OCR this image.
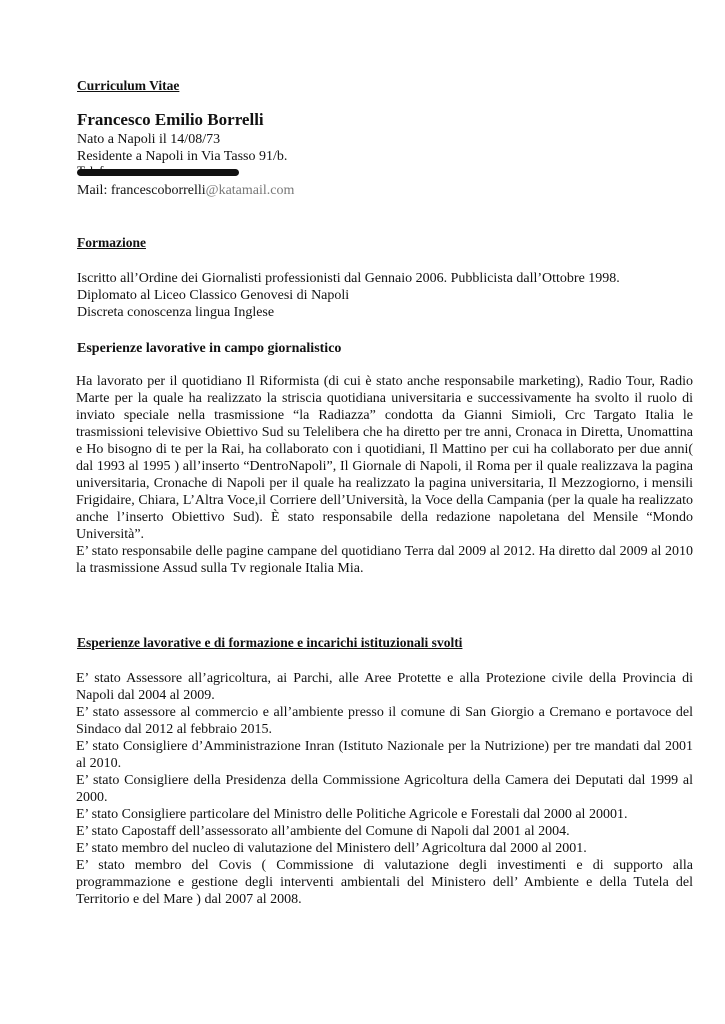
Curriculum Vitae
Francesco Emilio Borrelli
Nato a Napoli il 14/08/73
Residente a Napoli in Via Tasso 91/b.
Mail: francescoborrelli@katamail.com
Formazione
Iscritto all’Ordine dei Giornalisti professionisti dal Gennaio 2006. Pubblicista dall’Ottobre 1998.
Diplomato al Liceo Classico Genovesi di Napoli
Discreta conoscenza lingua Inglese
Esperienze lavorative in campo giornalistico
Ha lavorato per il quotidiano Il Riformista (di cui è stato anche responsabile marketing), Radio Tour, Radio Marte per la quale ha realizzato la striscia quotidiana universitaria e successivamente ha svolto il ruolo di inviato speciale nella trasmissione “la Radiazza” condotta da Gianni Simioli, Crc Targato Italia le trasmissioni televisive Obiettivo Sud su Telelibera che ha diretto per tre anni, Cronaca in Diretta, Unomattina e Ho bisogno di te per la Rai, ha collaborato con i quotidiani, Il Mattino per cui ha collaborato per due anni( dal 1993 al 1995 ) all’inserto “DentroNapoli”, Il Giornale di Napoli, il Roma per il quale realizzava la pagina universitaria, Cronache di Napoli per il quale ha realizzato la pagina universitaria, Il Mezzogiorno, i mensili Frigidaire, Chiara, L’Altra Voce,il Corriere dell’Università, la Voce della Campania (per la quale ha realizzato anche l’inserto Obiettivo Sud). È stato responsabile della redazione napoletana del Mensile “Mondo Università”.
E’ stato responsabile delle pagine campane del quotidiano Terra dal 2009 al 2012. Ha diretto dal 2009 al 2010 la trasmissione Assud sulla Tv regionale Italia Mia.
Esperienze lavorative e di formazione e incarichi istituzionali svolti
E’ stato Assessore all’agricoltura, ai Parchi, alle Aree Protette e alla Protezione civile della Provincia di Napoli dal 2004 al 2009.
E’ stato assessore al commercio e all’ambiente presso il comune di San Giorgio a Cremano e portavoce del Sindaco dal 2012 al febbraio 2015.
E’ stato Consigliere d’Amministrazione Inran (Istituto Nazionale per la Nutrizione) per tre mandati dal 2001 al 2010.
E’ stato Consigliere della Presidenza della Commissione Agricoltura della Camera dei Deputati dal 1999 al 2000.
E’ stato Consigliere particolare del Ministro delle Politiche Agricole e Forestali dal 2000 al 20001.
E’ stato Capostaff dell’assessorato all’ambiente del Comune di Napoli dal 2001 al 2004.
E’ stato membro del nucleo di valutazione del Ministero dell’ Agricoltura dal 2000 al 2001.
E’ stato membro del Covis ( Commissione di valutazione degli investimenti e di supporto alla programmazione e gestione degli interventi ambientali del Ministero dell’ Ambiente e della Tutela del Territorio e del Mare ) dal 2007 al 2008.
